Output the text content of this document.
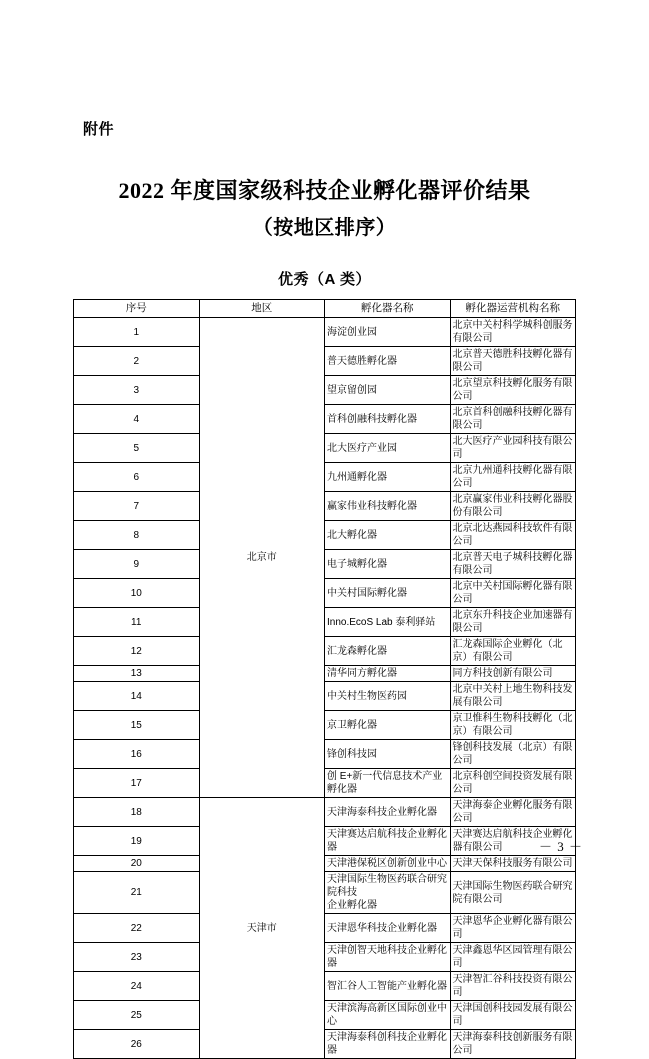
附件
2022 年度国家级科技企业孵化器评价结果
（按地区排序）
优秀（A 类）
序号	地区	孵化器名称	孵化器运营机构名称
1	北京市	海淀创业园	北京中关村科学城科创服务有限公司
2		普天德胜孵化器	北京普天德胜科技孵化器有限公司
3		望京留创园	北京望京科技孵化服务有限公司
4		首科创融科技孵化器	北京首科创融科技孵化器有限公司
5		北大医疗产业园	北大医疗产业园科技有限公司
6		九州通孵化器	北京九州通科技孵化器有限公司
7		赢家伟业科技孵化器	北京赢家伟业科技孵化器股份有限公司
8		北大孵化器	北京北达燕园科技软件有限公司
9		电子城孵化器	北京普天电子城科技孵化器有限公司
10		中关村国际孵化器	北京中关村国际孵化器有限公司
11		Inno.EcoS Lab 泰利驿站	北京东升科技企业加速器有限公司
12		汇龙森孵化器	汇龙森国际企业孵化（北京）有限公司
13		清华同方孵化器	同方科技创新有限公司
14		中关村生物医药园	北京中关村上地生物科技发展有限公司
15		京卫孵化器	京卫惟科生物科技孵化（北京）有限公司
16		锋创科技园	锋创科技发展（北京）有限公司
17		创 E+新一代信息技术产业孵化器	北京科创空间投资发展有限公司
18	天津市	天津海泰科技企业孵化器	天津海泰企业孵化服务有限公司
19		天津赛达启航科技企业孵化器	天津赛达启航科技企业孵化器有限公司
20		天津港保税区创新创业中心	天津天保科技服务有限公司
21		天津国际生物医药联合研究院科技
企业孵化器	天津国际生物医药联合研究院有限公司
22		天津恩华科技企业孵化器	天津恩华企业孵化器有限公司
23		天津创智天地科技企业孵化器	天津鑫恩华区园管理有限公司
24		智汇谷人工智能产业孵化器	天津智汇谷科技投资有限公司
25		天津滨海高新区国际创业中心	天津国创科技园发展有限公司
26		天津海泰科创科技企业孵化器	天津海泰科技创新服务有限公司
－ 3 －
